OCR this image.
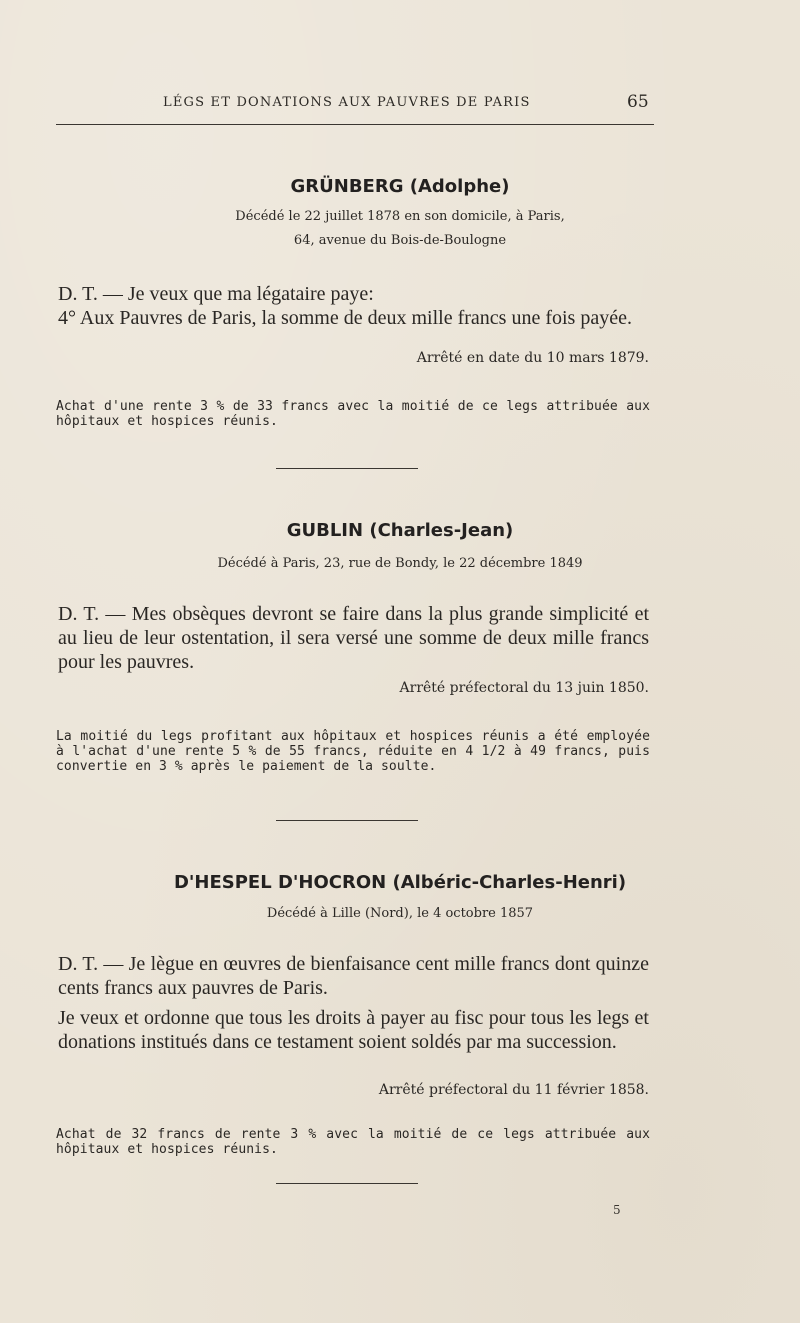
LÉGS ET DONATIONS AUX PAUVRES DE PARIS	65
GRÜNBERG (Adolphe)
Décédé le 22 juillet 1878 en son domicile, à Paris,
64, avenue du Bois-de-Boulogne

D. T. — Je veux que ma légataire paye:

4° Aux Pauvres de Paris, la somme de deux mille francs une fois payée.

Arrêté en date du 10 mars 1879.
Achat d'une rente 3 % de 33 francs avec la moitié de ce legs attribuée aux hôpitaux et hospices réunis.
GUBLIN (Charles-Jean)
Décédé à Paris, 23, rue de Bondy, le 22 décembre 1849

D. T. — Mes obsèques devront se faire dans la plus grande simplicité et au lieu de leur ostentation, il sera versé une somme de deux mille francs pour les pauvres.

Arrêté préfectoral du 13 juin 1850.
La moitié du legs profitant aux hôpitaux et hospices réunis a été employée à l'achat d'une rente 5 % de 55 francs, réduite en 4 1/2 à 49 francs, puis convertie en 3 % après le paiement de la soulte.
D'HESPEL D'HOCRON (Albéric-Charles-Henri)
Décédé à Lille (Nord), le 4 octobre 1857

D. T. — Je lègue en œuvres de bienfaisance cent mille francs dont quinze cents francs aux pauvres de Paris.

Je veux et ordonne que tous les droits à payer au fisc pour tous les legs et donations institués dans ce testament soient soldés par ma succession.

Arrêté préfectoral du 11 février 1858.
Achat de 32 francs de rente 3 % avec la moitié de ce legs attribuée aux hôpitaux et hospices réunis.
5
